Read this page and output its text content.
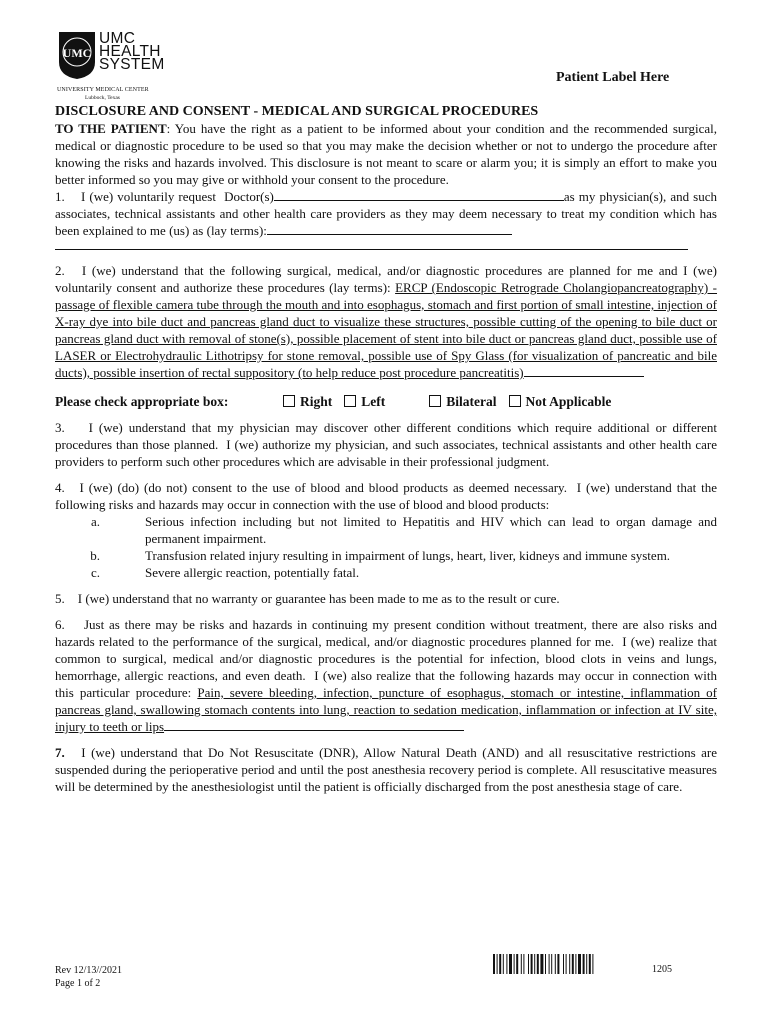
UMC
UMC
HEALTH
SYSTEM
UNIVERSITY MEDICAL CENTER
Lubbock, Texas
Patient Label Here
DISCLOSURE AND CONSENT - MEDICAL AND SURGICAL PROCEDURES

TO THE PATIENT: You have the right as a patient to be informed about your condition and the recommended surgical, medical or diagnostic procedure to be used so that you may make the decision whether or not to undergo the procedure after knowing the risks and hazards involved. This disclosure is not meant to scare or alarm you; it is simply an effort to make you better informed so you may give or withhold your consent to the procedure.

1.    I (we) voluntarily request  Doctor(s)	as my physician(s), and such associates, technical assistants and other health care providers as they may deem necessary to treat my condition which has been explained to me (us) as (lay terms):

2.   I (we) understand that the following surgical, medical, and/or diagnostic procedures are planned for me and I (we) voluntarily consent and authorize these procedures (lay terms): ERCP (Endoscopic Retrograde Cholangiopancreatography) -passage of flexible camera tube through the mouth and into esophagus, stomach and first portion of small intestine, injection of X-ray dye into bile duct and pancreas gland duct to visualize these structures, possible cutting of the opening to bile duct or pancreas gland duct with removal of stone(s), possible placement of stent into bile duct or pancreas gland duct, possible use of LASER or Electrohydraulic Lithotripsy for stone removal, possible use of Spy Glass (for visualization of pancreatic and bile ducts), possible insertion of rectal suppository (to help reduce post procedure pancreatitis)

Please check appropriate box:	Right	Left	Bilateral	Not Applicable

3.    I (we) understand that my physician may discover other different conditions which require additional or different procedures than those planned.  I (we) authorize my physician, and such associates, technical assistants and other health care providers to perform such other procedures which are advisable in their professional judgment.

4.   I (we) (do) (do not) consent to the use of blood and blood products as deemed necessary.  I (we) understand that the following risks and hazards may occur in connection with the use of blood and blood products:

a.	Serious infection including but not limited to Hepatitis and HIV which can lead to organ damage and permanent impairment.
b.	Transfusion related injury resulting in impairment of lungs, heart, liver, kidneys and immune system.
c.	Severe allergic reaction, potentially fatal.

5.    I (we) understand that no warranty or guarantee has been made to me as to the result or cure.

6.    Just as there may be risks and hazards in continuing my present condition without treatment, there are also risks and hazards related to the performance of the surgical, medical, and/or diagnostic procedures planned for me.  I (we) realize that common to surgical, medical and/or diagnostic procedures is the potential for infection, blood clots in veins and lungs, hemorrhage, allergic reactions, and even death.  I (we) also realize that the following hazards may occur in connection with this particular procedure: Pain, severe bleeding, infection, puncture of esophagus, stomach or intestine, inflammation of pancreas gland, swallowing stomach contents into lung, reaction to sedation medication, inflammation or infection at IV site, injury to teeth or lips

7.   I (we) understand that Do Not Resuscitate (DNR), Allow Natural Death (AND) and all resuscitative restrictions are suspended during the perioperative period and until the post anesthesia recovery period is complete. All resuscitative measures will be determined by the anesthesiologist until the patient is officially discharged from the post anesthesia stage of care.

Rev 12/13//2021
Page 1 of 2
1205
